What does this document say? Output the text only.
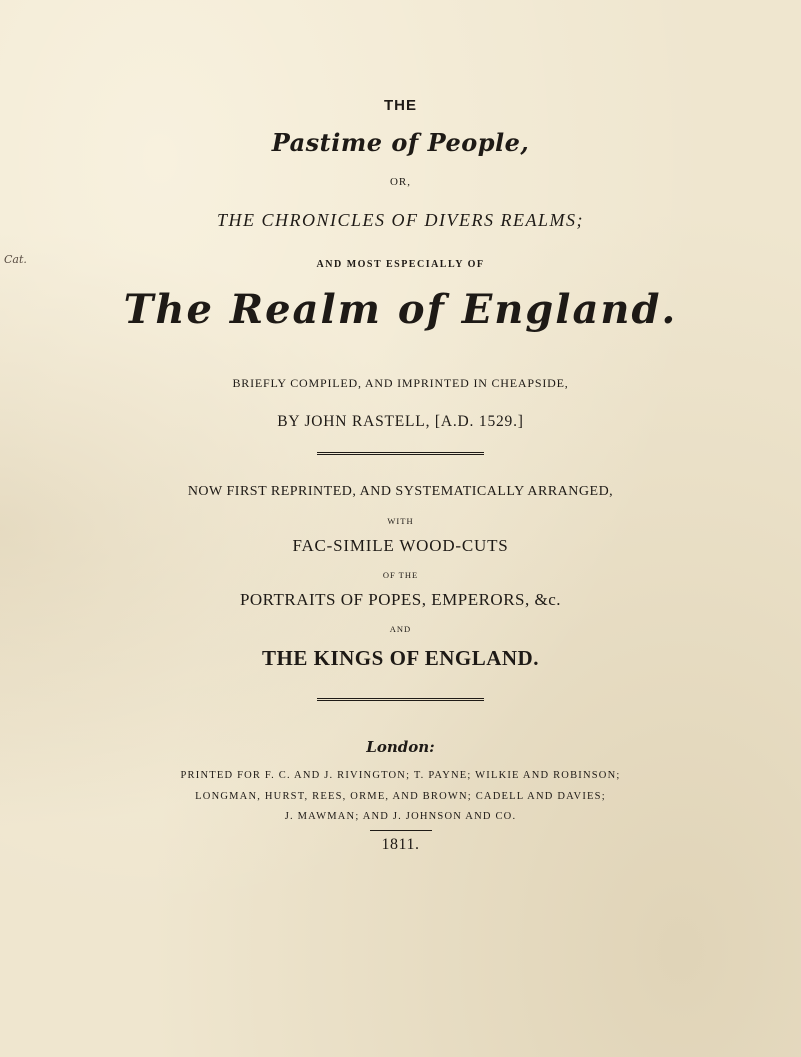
THE
Pastime of People,
OR,
THE CHRONICLES OF DIVERS REALMS;
Cat.	AND MOST ESPECIALLY OF
The Realm of England.
BRIEFLY COMPILED, AND IMPRINTED IN CHEAPSIDE,
BY JOHN RASTELL, [A.D. 1529.]
NOW FIRST REPRINTED, AND SYSTEMATICALLY ARRANGED,
WITH
FAC-SIMILE WOOD-CUTS
OF THE
PORTRAITS OF POPES, EMPERORS, &c.
AND
THE KINGS OF ENGLAND.
London:
PRINTED FOR F. C. AND J. RIVINGTON; T. PAYNE; WILKIE AND ROBINSON;
LONGMAN, HURST, REES, ORME, AND BROWN; CADELL AND DAVIES;
J. MAWMAN; AND J. JOHNSON AND CO.
1811.
